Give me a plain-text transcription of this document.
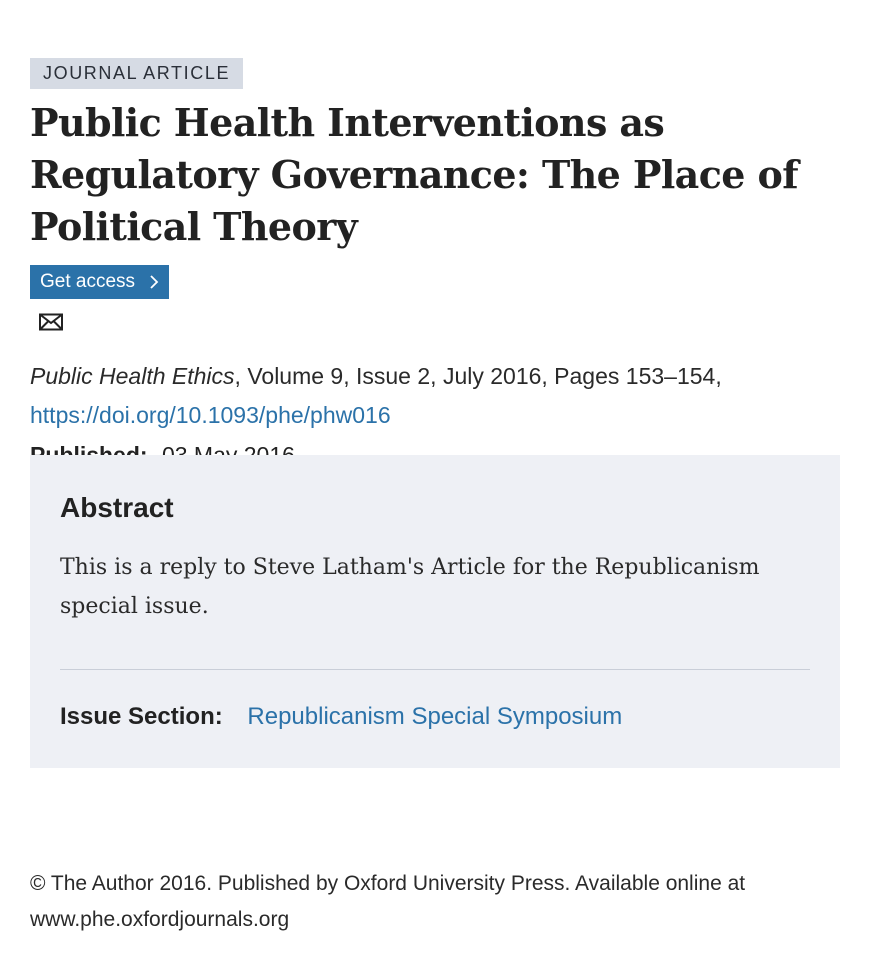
JOURNAL ARTICLE
Public Health Interventions as Regulatory Governance: The Place of Political Theory
Get access
Public Health Ethics, Volume 9, Issue 2, July 2016, Pages 153–154,
https://doi.org/10.1093/phe/phw016
Abstract
This is a reply to Steve Latham's Article for the Republicanism special issue.
Issue Section: Republicanism Special Symposium
© The Author 2016. Published by Oxford University Press. Available online at www.phe.oxfordjournals.org
